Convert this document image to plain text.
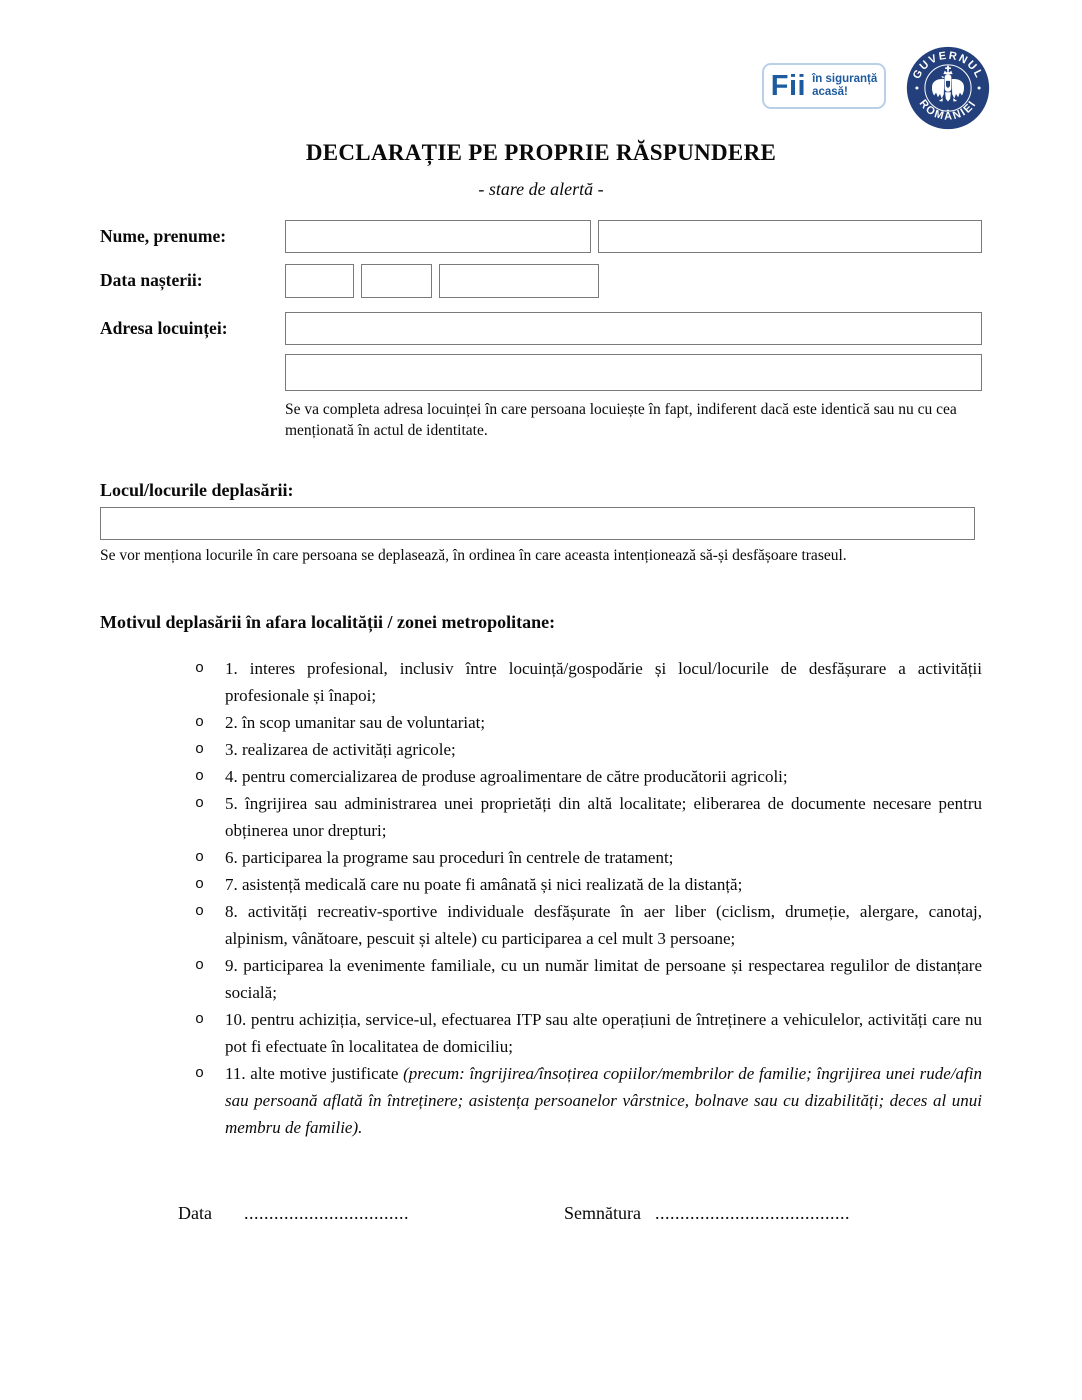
Fii în siguranță
acasă!
GUVERNUL
ROMÂNIEI
DECLARAȚIE PE PROPRIE RĂSPUNDERE
- stare de alertă -
Nume, prenume:
Data nașterii:
Adresa locuinței:
Se va completa adresa locuinței în care persoana locuiește în fapt, indiferent dacă este identică sau nu cu cea menționată în actul de identitate.
Locul/locurile deplasării:
Se vor menționa locurile în care persoana se deplasează, în ordinea în care aceasta intenționează să-și desfășoare traseul.
Motivul deplasării în afara localității / zonei metropolitane:
o	1. interes profesional, inclusiv între locuință/gospodărie și locul/locurile de desfășurare a activității profesionale și înapoi;
o	2. în scop umanitar sau de voluntariat;
o	3. realizarea de activități agricole;
o	4. pentru comercializarea de produse agroalimentare de către producătorii agricoli;
o	5. îngrijirea sau administrarea unei proprietăți din altă localitate; eliberarea de documente necesare pentru obținerea unor drepturi;
o	6. participarea la programe sau proceduri în centrele de tratament;
o	7. asistență medicală care nu poate fi amânată și nici realizată de la distanță;
o	8. activități recreativ-sportive individuale desfășurate în aer liber (ciclism, drumeție, alergare, canotaj, alpinism, vânătoare, pescuit și altele) cu participarea a cel mult 3 persoane;
o	9. participarea la evenimente familiale, cu un număr limitat de persoane și respectarea regulilor de distanțare socială;
o	10. pentru achiziția, service-ul, efectuarea ITP sau alte operațiuni de întreținere a vehiculelor, activități care nu pot fi efectuate în localitatea de domiciliu;
o	11. alte motive justificate (precum: îngrijirea/însoțirea copiilor/membrilor de familie; îngrijirea unei rude/afin sau persoană aflată în întreținere; asistența persoanelor vârstnice, bolnave sau cu dizabilități; deces al unui membru de familie).
Data .................................	Semnătura .......................................
